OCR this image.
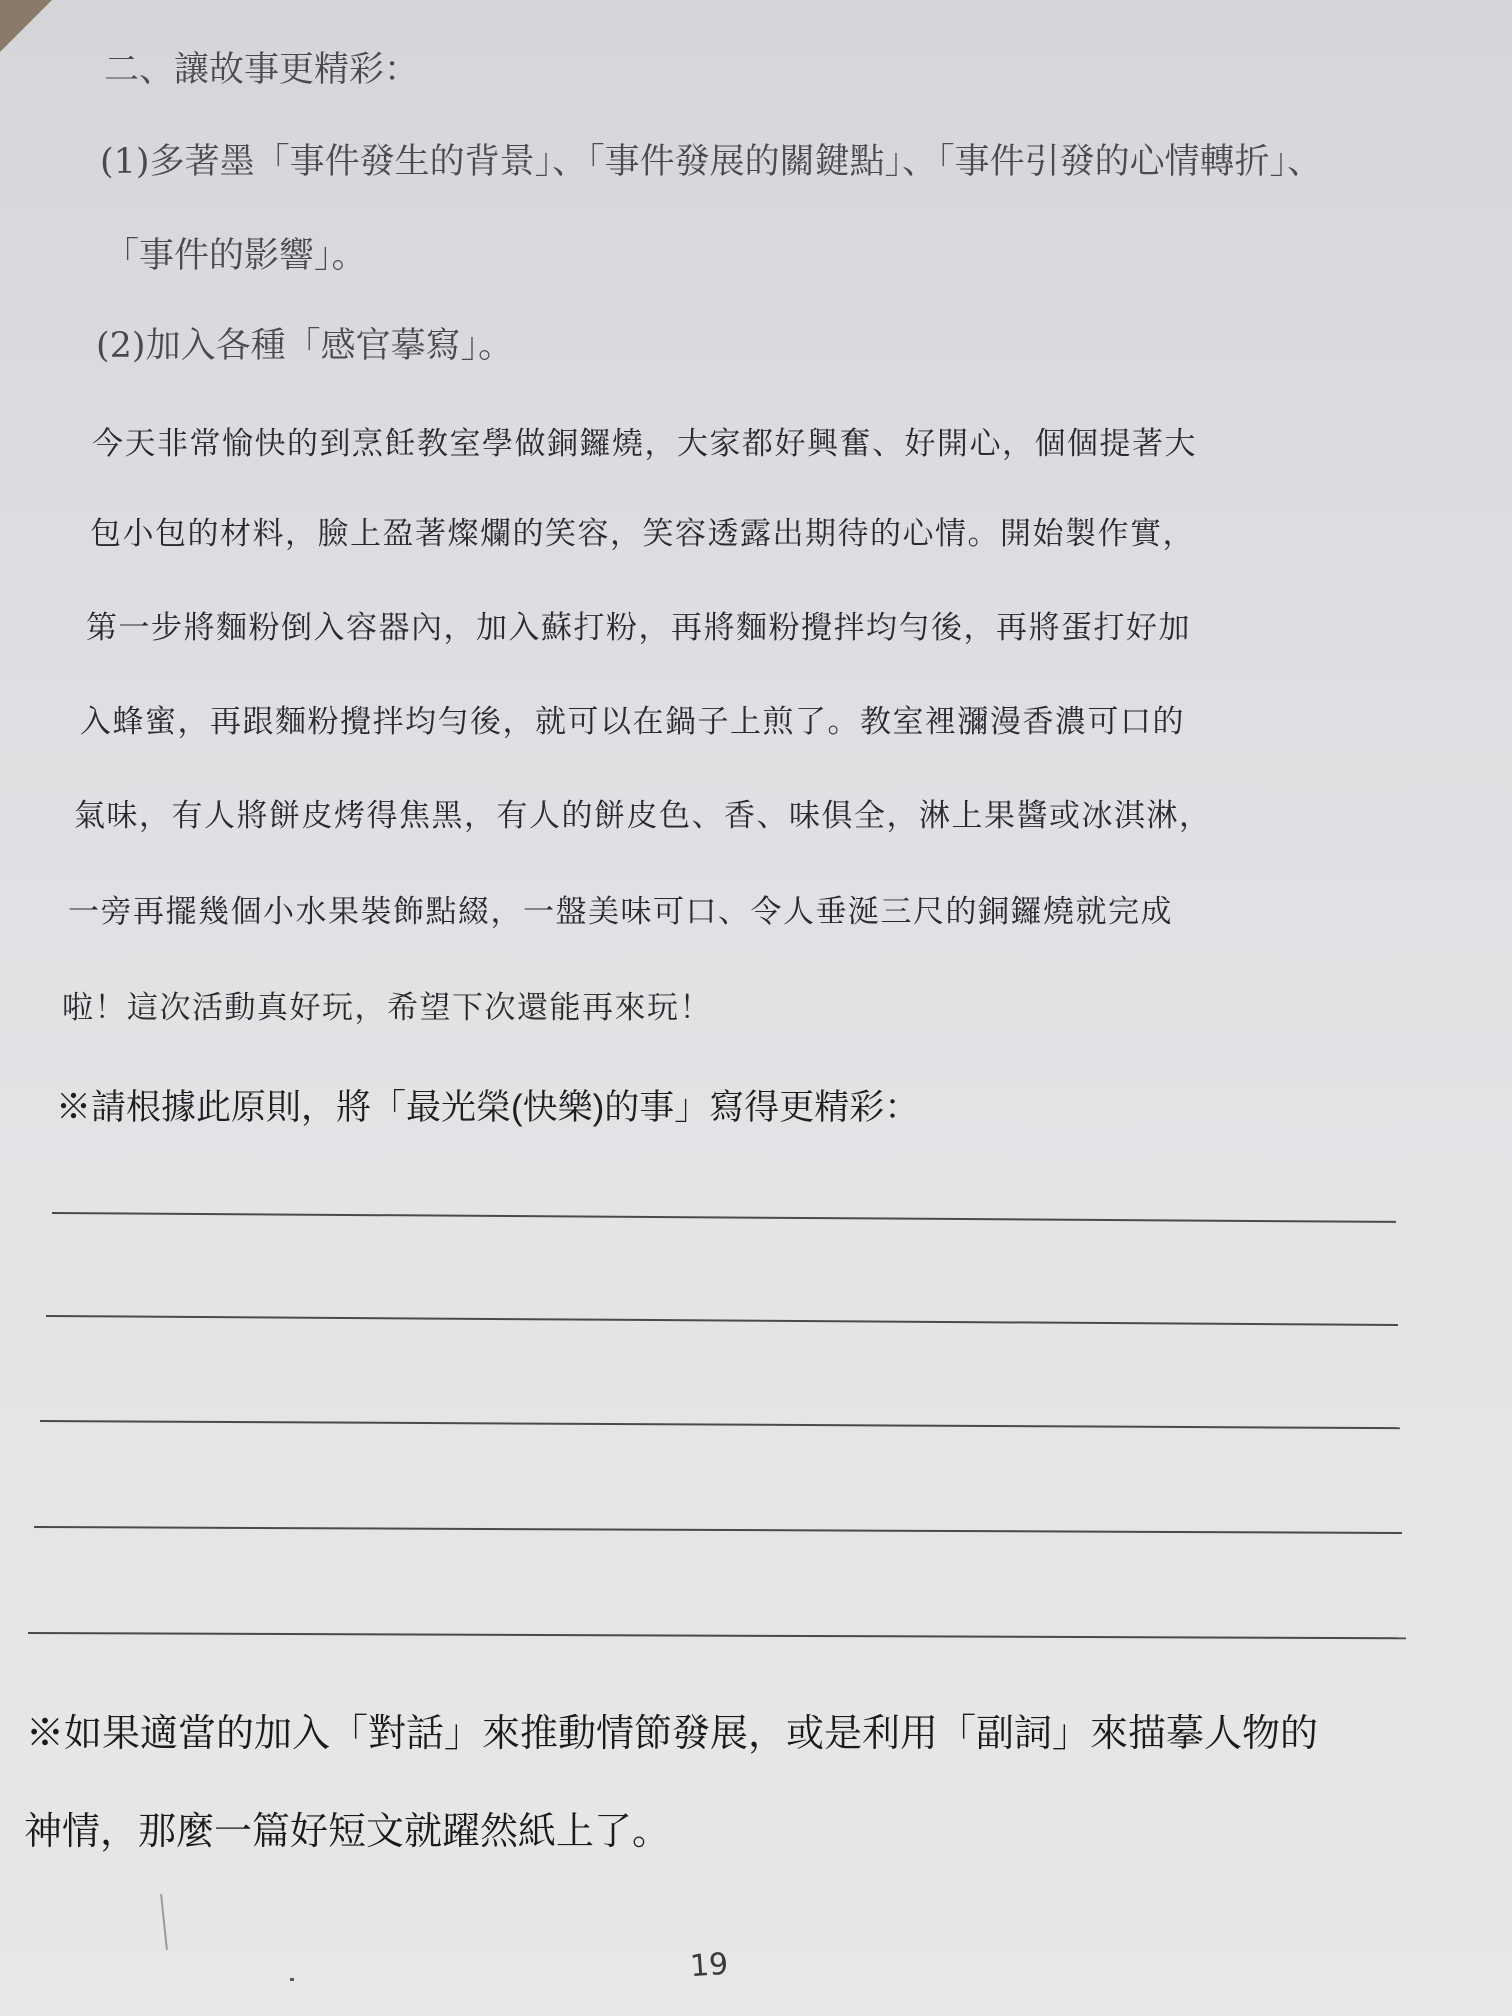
二、讓故事更精彩：
(1)多著墨「事件發生的背景」、「事件發展的關鍵點」、「事件引發的心情轉折」、
「事件的影響」。
(2)加入各種「感官摹寫」。
今天非常愉快的到烹飪教室學做銅鑼燒，大家都好興奮、好開心，個個提著大
包小包的材料，臉上盈著燦爛的笑容，笑容透露出期待的心情。開始製作實，
第一步將麵粉倒入容器內，加入蘇打粉，再將麵粉攪拌均勻後，再將蛋打好加
入蜂蜜，再跟麵粉攪拌均勻後，就可以在鍋子上煎了。教室裡瀰漫香濃可口的
氣味，有人將餅皮烤得焦黑，有人的餅皮色、香、味俱全，淋上果醬或冰淇淋，
一旁再擺幾個小水果裝飾點綴，一盤美味可口、令人垂涎三尺的銅鑼燒就完成
啦！這次活動真好玩，希望下次還能再來玩！
※請根據此原則，將「最光榮(快樂)的事」寫得更精彩：
※如果適當的加入「對話」來推動情節發展，或是利用「副詞」來描摹人物的
神情，那麼一篇好短文就躍然紙上了。
19
